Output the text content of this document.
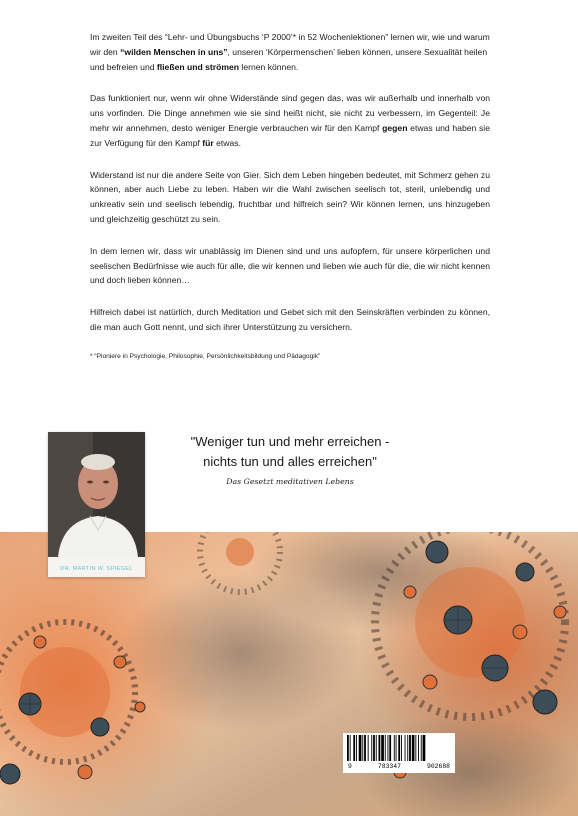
Im zweiten Teil des “Lehr- und Übungsbuchs ‘P 2000’* in 52 Wochenlektionen” lernen wir, wie und warum wir den “wilden Menschen in uns”, unseren ‘Körpermenschen’ lieben können, unsere Sexualität heilen und befreien und fließen und strömen lernen können.

Das funktioniert nur, wenn wir ohne Widerstände sind gegen das, was wir außerhalb und innerhalb von uns vorfinden. Die Dinge annehmen wie sie sind heißt nicht, sie nicht zu verbessern, im Gegenteil: Je mehr wir annehmen, desto weniger Energie verbrauchen wir für den Kampf gegen etwas und haben sie zur Verfügung für den Kampf für etwas.

Widerstand ist nur die andere Seite von Gier. Sich dem Leben hingeben bedeutet, mit Schmerz gehen zu können, aber auch Liebe zu leben. Haben wir die Wahl zwischen seelisch tot, steril, unlebendig und unkreativ sein und seelisch lebendig, fruchtbar und hilfreich sein? Wir können lernen, uns hinzugeben und gleichzeitig geschützt zu sein.

In dem lernen wir, dass wir unablässig im Dienen sind und uns aufopfern, für unsere körperlichen und seelischen Bedürfnisse wie auch für alle, die wir kennen und lieben wie auch für die, die wir nicht kennen und doch lieben können…

Hilfreich dabei ist natürlich, durch Meditation und Gebet sich mit den Seinskräften verbinden zu können, die man auch Gott nennt, und sich ihrer Unterstützung zu versichern.

* “Pioniere in Psychologie, Philosophie, Persönlichkeitsbildung und Pädagogik”

DR. MARTIN W. SPIEGEL
"Weniger tun und mehr erreichen -
nichts tun und alles erreichen"
Das Gesetzt meditativen Lebens
9	783347	902688
